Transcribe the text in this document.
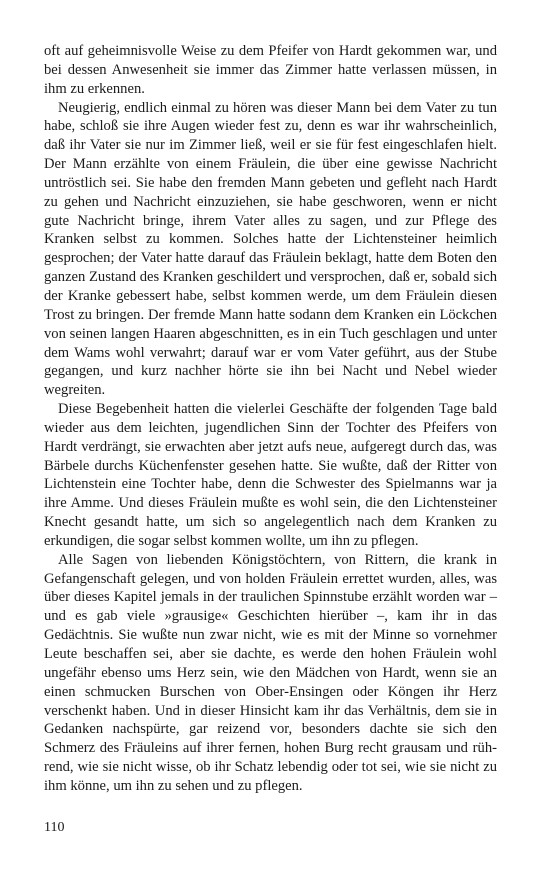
oft auf geheimnisvolle Weise zu dem Pfeifer von Hardt gekommen war, und bei dessen Anwesenheit sie immer das Zimmer hatte verlassen müssen, in ihm zu erkennen.

Neugierig, endlich einmal zu hören was dieser Mann bei dem Vater zu tun habe, schloß sie ihre Augen wieder fest zu, denn es war ihr wahrscheinlich, daß ihr Vater sie nur im Zimmer ließ, weil er sie für fest eingeschlafen hielt. Der Mann erzählte von einem Fräulein, die über eine gewisse Nachricht untröstlich sei. Sie habe den fremden Mann gebeten und gefleht nach Hardt zu gehen und Nachricht einzuziehen, sie habe geschworen, wenn er nicht gute Nachricht bringe, ihrem Vater alles zu sagen, und zur Pflege des Kranken selbst zu kommen. Solches hatte der Lichtensteiner heimlich gesprochen; der Vater hatte darauf das Fräulein beklagt, hatte dem Boten den ganzen Zustand des Kranken geschildert und versprochen, daß er, sobald sich der Kranke gebessert habe, selbst kommen werde, um dem Fräulein diesen Trost zu bringen. Der fremde Mann hatte sodann dem Kranken ein Löckchen von seinen langen Haaren abgeschnitten, es in ein Tuch geschlagen und unter dem Wams wohl verwahrt; darauf war er vom Vater geführt, aus der Stube gegangen, und kurz nachher hörte sie ihn bei Nacht und Nebel wieder wegreiten.

Diese Begebenheit hatten die vielerlei Geschäfte der folgenden Tage bald wieder aus dem leichten, jugendlichen Sinn der Tochter des Pfeifers von Hardt verdrängt, sie erwachten aber jetzt aufs neue, aufgeregt durch das, was Bärbele durchs Küchenfenster gesehen hatte. Sie wußte, daß der Ritter von Lichtenstein eine Tochter habe, denn die Schwester des Spielmanns war ja ihre Amme. Und dieses Fräulein mußte es wohl sein, die den Lichtensteiner Knecht gesandt hatte, um sich so angelegentlich nach dem Kranken zu erkundigen, die sogar selbst kommen wollte, um ihn zu pflegen.

Alle Sagen von liebenden Königstöchtern, von Rittern, die krank in Gefangenschaft gelegen, und von holden Fräulein errettet wurden, alles, was über dieses Kapitel jemals in der traulichen Spinnstube erzählt worden war – und es gab viele »grausige« Geschichten hierüber –, kam ihr in das Gedächtnis. Sie wußte nun zwar nicht, wie es mit der Minne so vornehmer Leute beschaffen sei, aber sie dachte, es werde den hohen Fräulein wohl ungefähr ebenso ums Herz sein, wie den Mädchen von Hardt, wenn sie an einen schmucken Burschen von Ober-Ensingen oder Köngen ihr Herz verschenkt haben. Und in dieser Hinsicht kam ihr das Verhältnis, dem sie in Gedanken nachspürte, gar reizend vor, besonders dachte sie sich den Schmerz des Fräuleins auf ihrer fernen, hohen Burg recht grausam und rührend, wie sie nicht wisse, ob ihr Schatz lebendig oder tot sei, wie sie nicht zu ihm könne, um ihn zu sehen und zu pflegen.

110
